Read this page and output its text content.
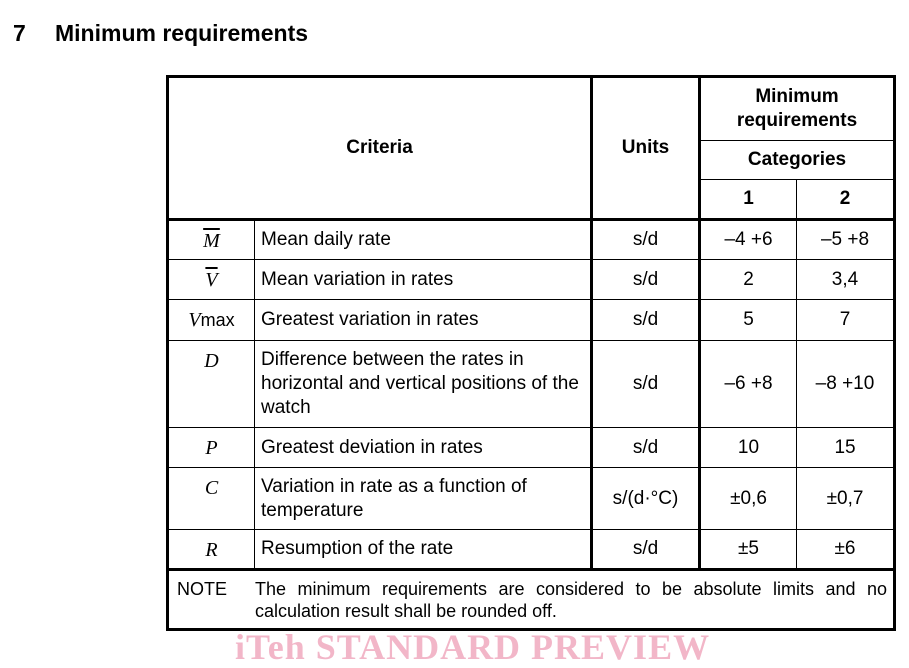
7 Minimum requirements
Criteria		Units	Minimum requirements	
			Categories	
			1	2
$\overline{M}$	Mean daily rate	s/d	–4 +6	–5 +8
$\overline{V}$	Mean variation in rates	s/d	2	3,4
Vmax	Greatest variation in rates	s/d	5	7
D	Difference between the rates in horizontal and vertical positions of the watch	s/d	–6 +8	–8 +10
P	Greatest deviation in rates	s/d	10	15
C	Variation in rate as a function of temperature	s/(d·°C)	±0,6	±0,7
R	Resumption of the rate	s/d	±5	±6

NOTE The minimum requirements are considered to be absolute limits and no calculation result shall be rounded off.				
iTeh STANDARD PREVIEW
